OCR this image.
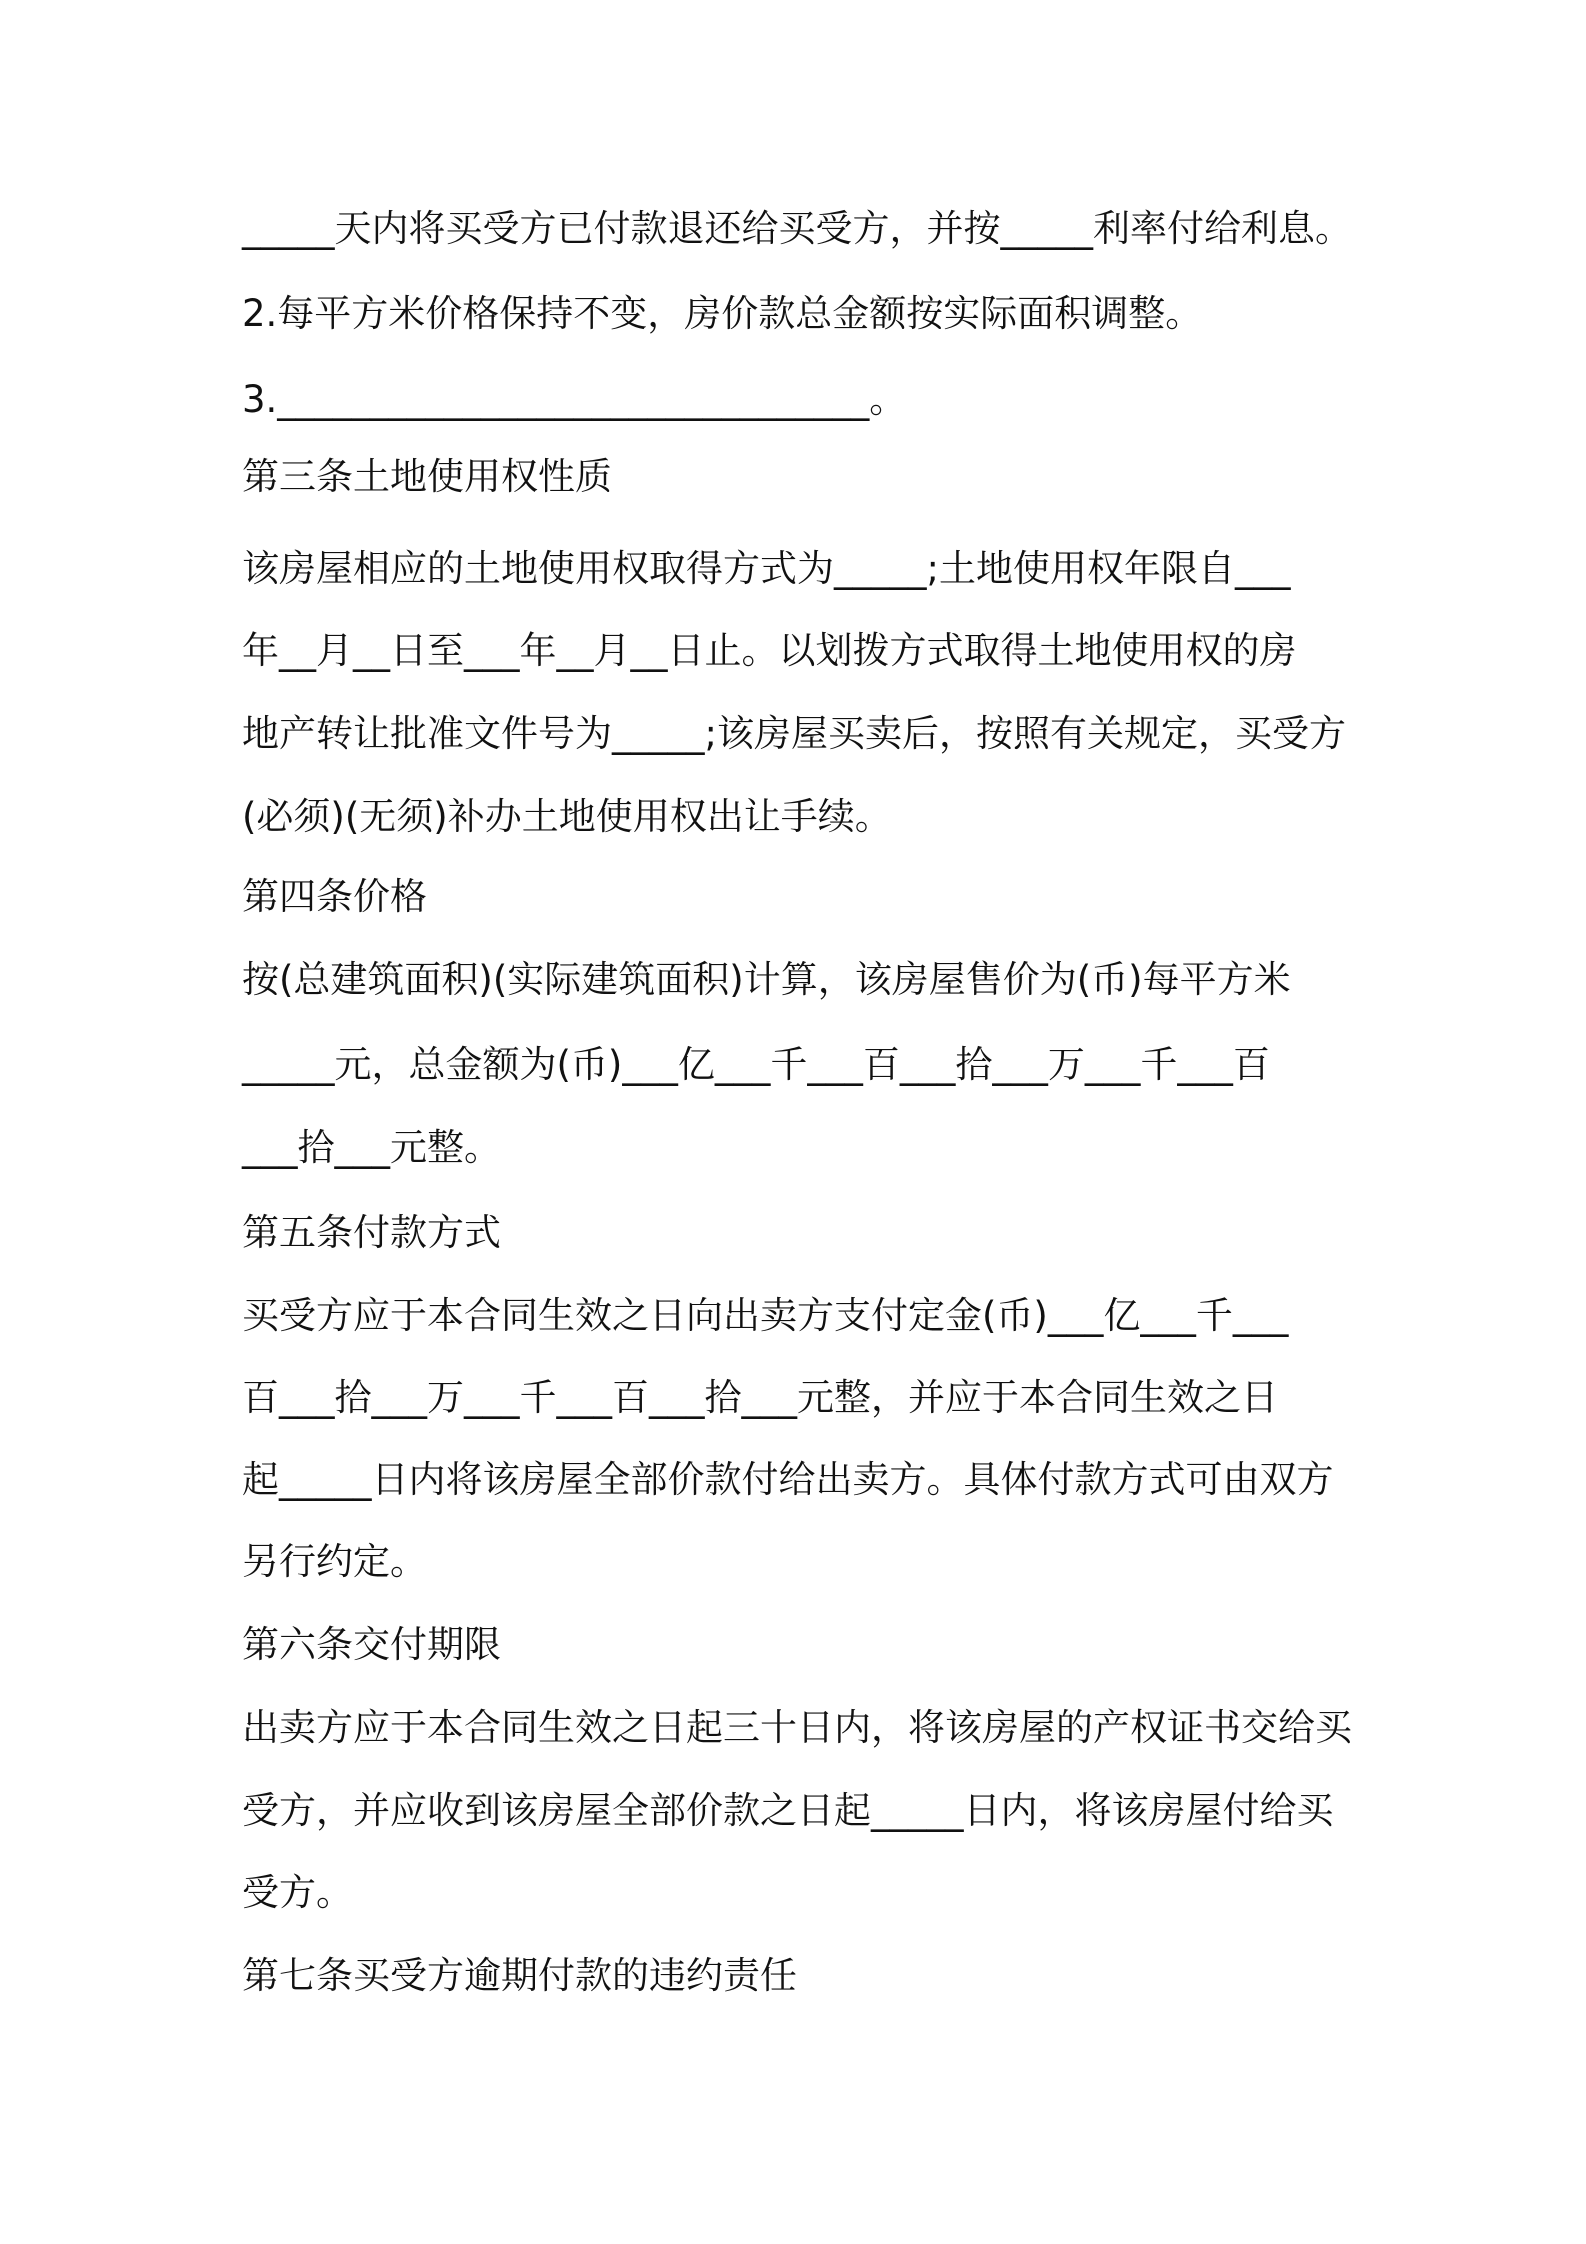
_____天内将买受方已付款退还给买受方，并按_____利率付给利息。

2.每平方米价格保持不变，房价款总金额按实际面积调整。

3.________________________________。

第三条土地使用权性质

该房屋相应的土地使用权取得方式为_____;土地使用权年限自___

年__月__日至___年__月__日止。以划拨方式取得土地使用权的房

地产转让批准文件号为_____;该房屋买卖后，按照有关规定，买受方

(必须)(无须)补办土地使用权出让手续。

第四条价格

按(总建筑面积)(实际建筑面积)计算，该房屋售价为(币)每平方米

_____元，总金额为(币)___亿___千___百___拾___万___千___百

___拾___元整。

第五条付款方式

买受方应于本合同生效之日向出卖方支付定金(币)___亿___千___

百___拾___万___千___百___拾___元整，并应于本合同生效之日

起_____日内将该房屋全部价款付给出卖方。具体付款方式可由双方

另行约定。

第六条交付期限

出卖方应于本合同生效之日起三十日内，将该房屋的产权证书交给买

受方，并应收到该房屋全部价款之日起_____日内，将该房屋付给买

受方。

第七条买受方逾期付款的违约责任
